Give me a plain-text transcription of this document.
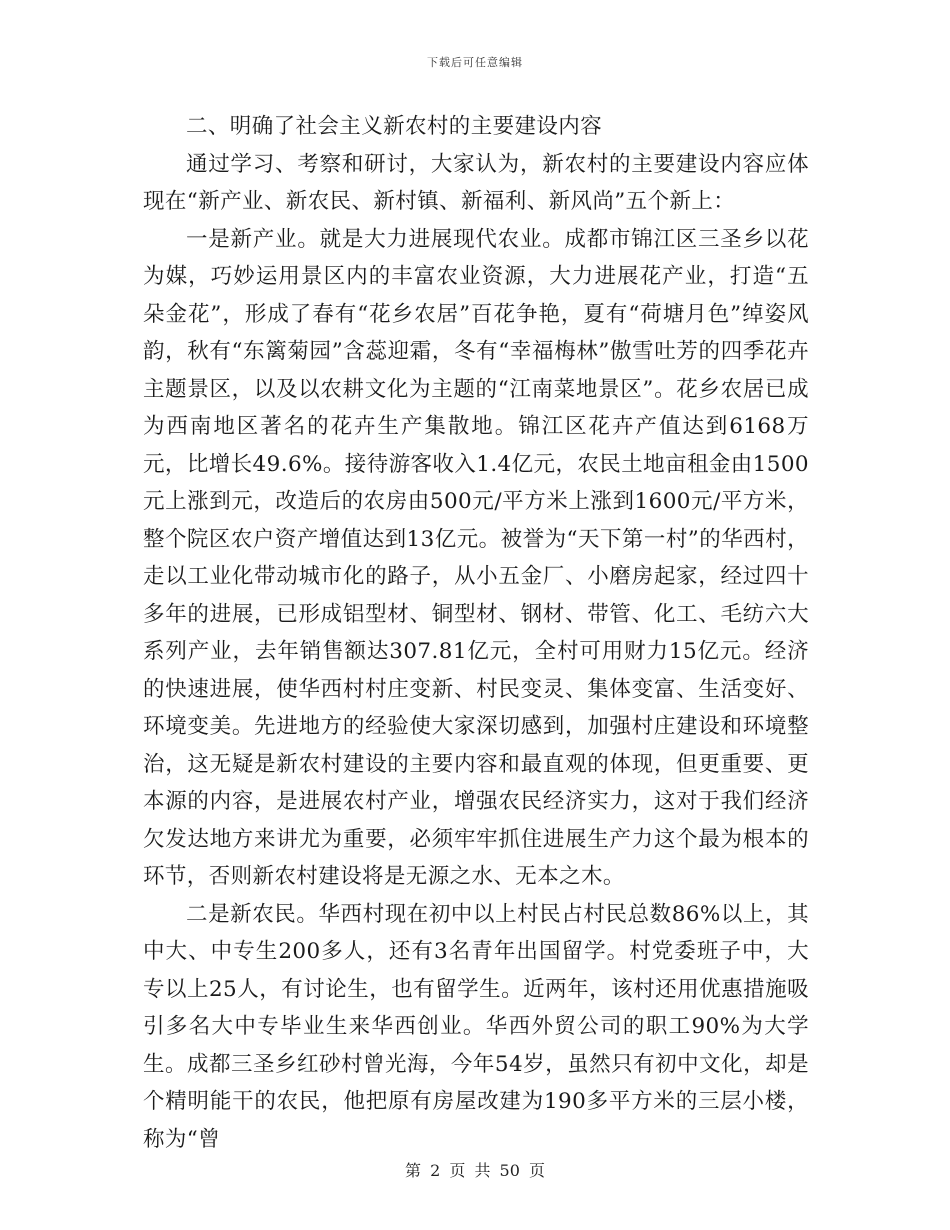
下载后可任意编辑

二、明确了社会主义新农村的主要建设内容

通过学习、考察和研讨，大家认为，新农村的主要建设内容应体现在“新产业、新农民、新村镇、新福利、新风尚”五个新上：

一是新产业。就是大力进展现代农业。成都市锦江区三圣乡以花为媒，巧妙运用景区内的丰富农业资源，大力进展花产业，打造“五朵金花”，形成了春有“花乡农居”百花争艳，夏有“荷塘月色”绰姿风韵，秋有“东篱菊园”含蕊迎霜，冬有“幸福梅林”傲雪吐芳的四季花卉主题景区，以及以农耕文化为主题的“江南菜地景区”。花乡农居已成为西南地区著名的花卉生产集散地。锦江区花卉产值达到6168万元，比增长49.6%。接待游客收入1.4亿元，农民土地亩租金由1500元上涨到元，改造后的农房由500元/平方米上涨到1600元/平方米，整个院区农户资产增值达到13亿元。被誉为“天下第一村”的华西村，走以工业化带动城市化的路子，从小五金厂、小磨房起家，经过四十多年的进展，已形成铝型材、铜型材、钢材、带管、化工、毛纺六大系列产业，去年销售额达307.81亿元，全村可用财力15亿元。经济的快速进展，使华西村村庄变新、村民变灵、集体变富、生活变好、环境变美。先进地方的经验使大家深切感到，加强村庄建设和环境整治，这无疑是新农村建设的主要内容和最直观的体现，但更重要、更本源的内容，是进展农村产业，增强农民经济实力，这对于我们经济欠发达地方来讲尤为重要，必须牢牢抓住进展生产力这个最为根本的环节，否则新农村建设将是无源之水、无本之木。

二是新农民。华西村现在初中以上村民占村民总数86%以上，其中大、中专生200多人，还有3名青年出国留学。村党委班子中，大专以上25人，有讨论生，也有留学生。近两年，该村还用优惠措施吸引多名大中专毕业生来华西创业。华西外贸公司的职工90%为大学生。成都三圣乡红砂村曾光海，今年54岁，虽然只有初中文化，却是个精明能干的农民，他把原有房屋改建为190多平方米的三层小楼，称为“曾

第 2 页 共 50 页
